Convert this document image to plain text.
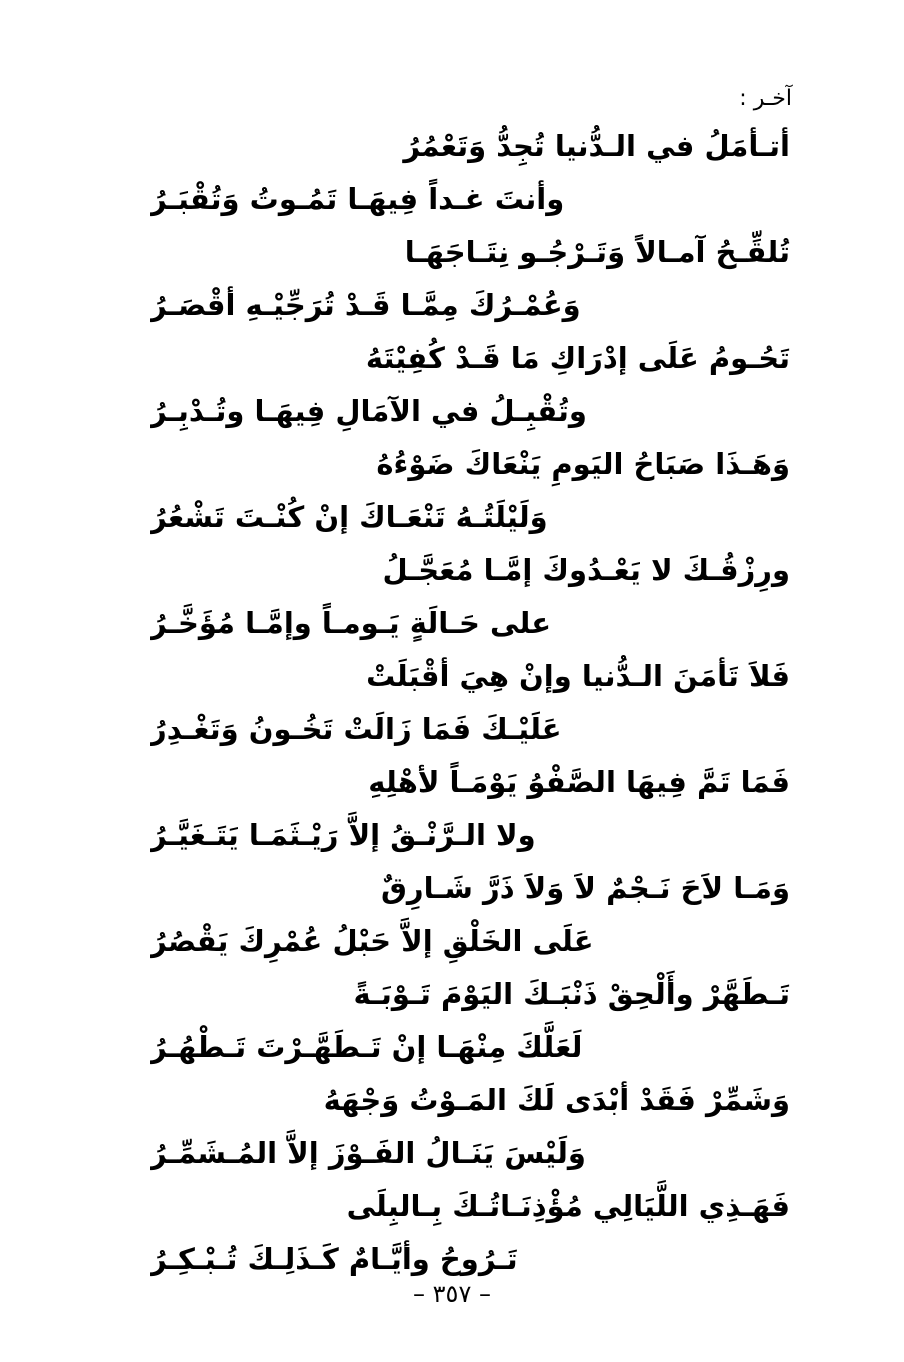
آخـر :
أتـأمَلُ في الـدُّنيا تُجِدُّ وَتَعْمُرُ
وأنتَ غـداً فِيهَـا تَمُـوتُ وَتُقْبَـرُ
تُلقِّـحُ آمـالاً وَتَـرْجُـو نِتَـاجَهَـا
وَعُمْـرُكَ مِمَّـا قَـدْ تُرَجِّيْـهِ أقْصَـرُ
تَحُـومُ عَلَى إدْرَاكِ مَا قَـدْ كُفِيْتَهُ
وتُقْبِـلُ في الآمَالِ فِيهَـا وتُـدْبِـرُ
وَهَـذَا صَبَاحُ اليَومِ يَنْعَاكَ ضَوْءُهُ
وَلَيْلَتُـهُ تَنْعَـاكَ إنْ كُنْـتَ تَشْعُرُ
ورِزْقُـكَ لا يَعْـدُوكَ إمَّـا مُعَجَّـلُ
على حَـالَةٍ يَـومـاً وإمَّـا مُؤَخَّـرُ
فَلاَ تَأمَنَ الـدُّنيا وإنْ هِيَ أقْبَلَتْ
عَلَيْـكَ فَمَا زَالَتْ تَخُـونُ وَتَغْـدِرُ
فَمَا تَمَّ فِيهَا الصَّفْوُ يَوْمَـاً لأهْلِهِ
ولا الـرَّنْـقُ إلاَّ رَيْـثَمَـا يَتَـغَيَّـرُ
وَمَـا لاَحَ نَـجْمٌ لاَ وَلاَ ذَرَّ شَـارِقٌ
عَلَى الخَلْقِ إلاَّ حَبْلُ عُمْرِكَ يَقْصُرُ
تَـطَهَّرْ وأَلْحِقْ ذَنْبَـكَ اليَوْمَ تَـوْبَـةً
لَعَلَّكَ مِنْهَـا إنْ تَـطَهَّـرْتَ تَـطْهُـرُ
وَشَمِّرْ فَقَدْ أبْدَى لَكَ المَـوْتُ وَجْهَهُ
وَلَيْسَ يَنَـالُ الفَـوْزَ إلاَّ المُـشَمِّـرُ
فَهَـذِي اللَّيَالِي مُؤْذِنَـاتُـكَ بِـالبِلَى
تَـرُوحُ وأيَّـامٌ كَـذَلِـكَ تُـبْـكِـرُ
– ٣٥٧ –
